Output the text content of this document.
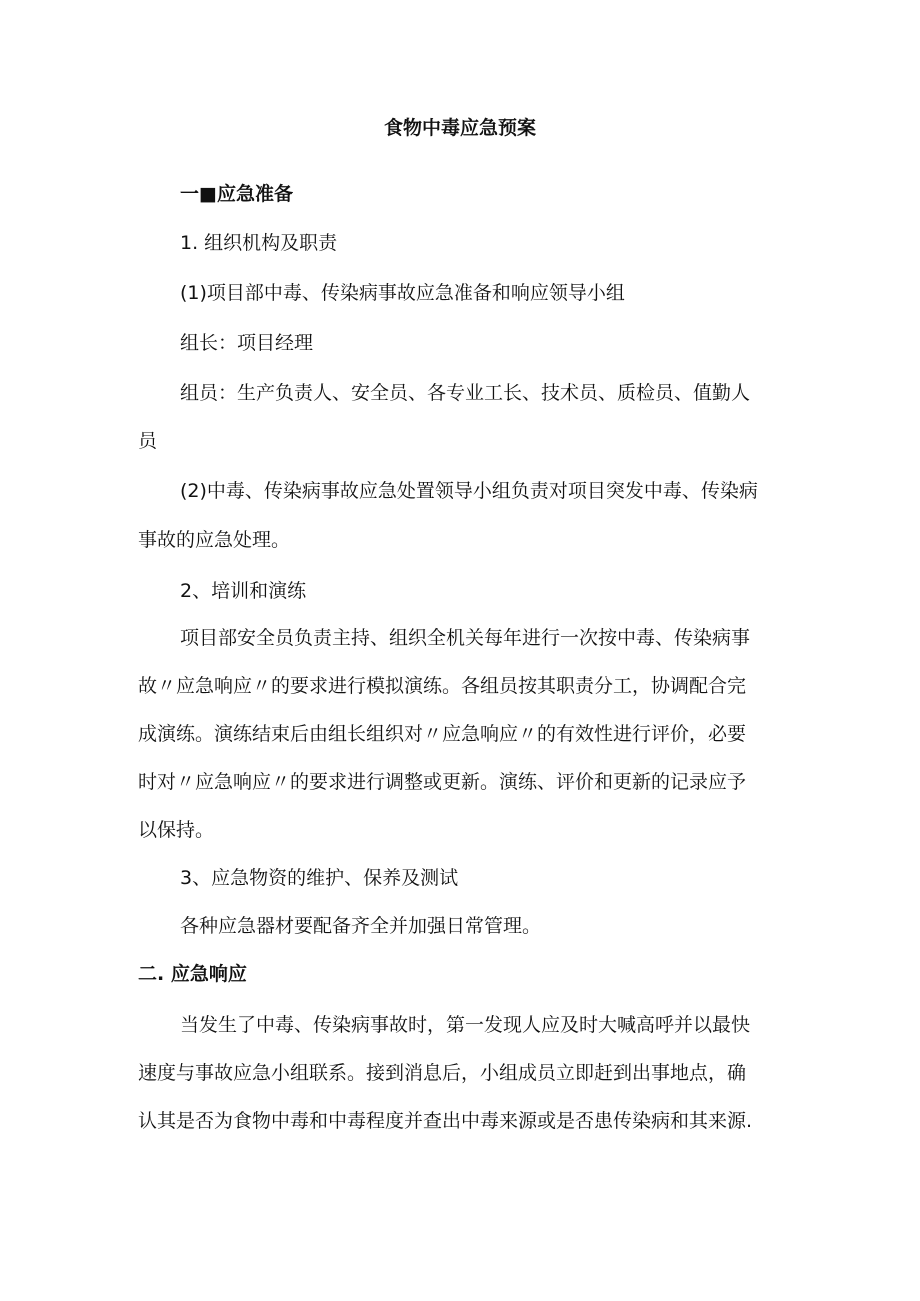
食物中毒应急预案
一■应急准备
1. 组织机构及职责
(1)项目部中毒、传染病事故应急准备和响应领导小组
组长：项目经理
组员：生产负责人、安全员、各专业工长、技术员、质检员、值勤人
员
(2)中毒、传染病事故应急处置领导小组负责对项目突发中毒、传染病
事故的应急处理。
2、培训和演练
项目部安全员负责主持、组织全机关每年进行一次按中毒、传染病事
故〃应急响应〃的要求进行模拟演练。各组员按其职责分工，协调配合完
成演练。演练结束后由组长组织对〃应急响应〃的有效性进行评价，必要
时对〃应急响应〃的要求进行调整或更新。演练、评价和更新的记录应予
以保持。
3、应急物资的维护、保养及测试
各种应急器材要配备齐全并加强日常管理。
二. 应急响应
当发生了中毒、传染病事故时，第一发现人应及时大喊高呼并以最快
速度与事故应急小组联系。接到消息后，小组成员立即赶到出事地点，确
认其是否为食物中毒和中毒程度并查出中毒来源或是否患传染病和其来源.
